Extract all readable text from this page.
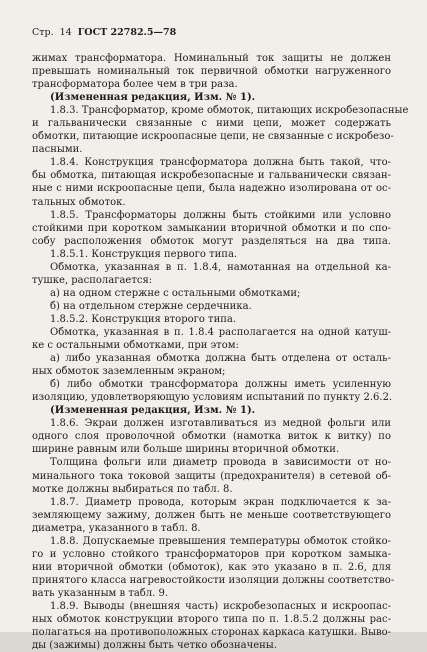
Стр. 14 ГОСТ 22782.5—78
жимах трансформатора. Номинальный ток защиты не должен
превышать номинальный ток первичной обмотки нагруженного
трансформатора более чем в три раза.
(Измененная редакция, Изм. № 1).
1.8.3. Трансформатор, кроме обмоток, питающих искробезопасные
и гальванически связанные с ними цепи, может содержать
обмотки, питающие искроопасные цепи, не связанные с искробезо-
пасными.
1.8.4. Конструкция трансформатора должна быть такой, что-
бы обмотка, питающая искробезопасные и гальванически связан-
ные с ними искроопасные цепи, была надежно изолирована от ос-
тальных обмоток.
1.8.5. Трансформаторы должны быть стойкими или условно
стойкими при коротком замыкании вторичной обмотки и по спо-
собу расположения обмоток могут разделяться на два типа.
1.8.5.1. Конструкция первого типа.
Обмотка, указанная в п. 1.8.4, намотанная на отдельной ка-
тушке, располагается:
а) на одном стержне с остальными обмотками;
б) на отдельном стержне сердечника.
1.8.5.2. Конструкция второго типа.
Обмотка, указанная в п. 1.8.4 располагается на одной катуш-
ке с остальными обмотками, при этом:
а) либо указанная обмотка должна быть отделена от осталь-
ных обмоток заземленным экраном;
б) либо обмотки трансформатора должны иметь усиленную
изоляцию, удовлетворяющую условиям испытаний по пункту 2.6.2.
(Измененная редакция, Изм. № 1).
1.8.6. Экраи должен изготавливаться из медной фольги или
одного слоя проволочной обмотки (намотка виток к витку) по
ширине равным или больше ширины вторичной обмотки.
Толщина фольги или диаметр провода в зависимости от но-
минального тока токовой защиты (предохранителя) в сетевой об-
мотке должны выбираться по табл. 8.
1.8.7. Диаметр провода, которым экран подключается к за-
земляющему зажиму, должен быть не меньше соответствующего
диаметра, указанного в табл. 8.
1.8.8. Допускаемые превышения температуры обмоток стойко-
го и условно стойкого трансформаторов при коротком замыка-
нии вторичной обмотки (обмоток), как это указано в п. 2.6, для
принятого класса нагревостойкости изоляции должны соответство-
вать указанным в табл. 9.
1.8.9. Выводы (внешняя часть) искробезопасных и искроопас-
ных обмоток конструкции второго типа по п. 1.8.5.2 должны рас-
полагаться на противоположных сторонах каркаса катушки. Выво-
ды (зажимы) должны быть четко обозначены.
